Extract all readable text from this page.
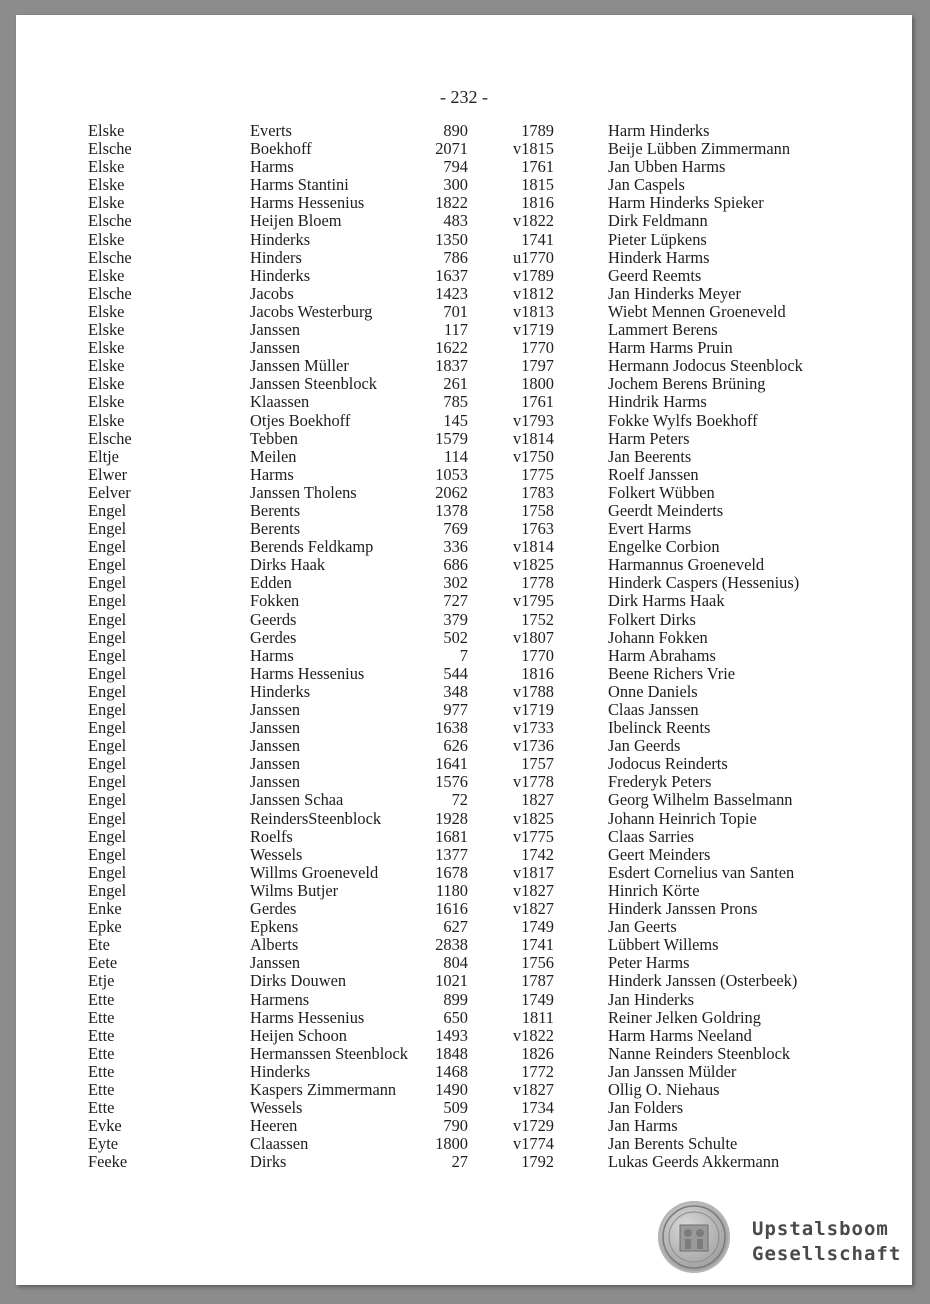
- 232 -
Elske	Everts	890	1789	Harm Hinderks
Elsche	Boekhoff	2071	v1815	Beije Lübben Zimmermann
Elske	Harms	794	1761	Jan Ubben Harms
Elske	Harms Stantini	300	1815	Jan Caspels
Elske	Harms Hessenius	1822	1816	Harm Hinderks Spieker
Elsche	Heijen Bloem	483	v1822	Dirk Feldmann
Elske	Hinderks	1350	1741	Pieter Lüpkens
Elsche	Hinders	786	u1770	Hinderk Harms
Elske	Hinderks	1637	v1789	Geerd Reemts
Elsche	Jacobs	1423	v1812	Jan Hinderks Meyer
Elske	Jacobs Westerburg	701	v1813	Wiebt Mennen Groeneveld
Elske	Janssen	117	v1719	Lammert Berens
Elske	Janssen	1622	1770	Harm Harms Pruin
Elske	Janssen Müller	1837	1797	Hermann Jodocus Steenblock
Elske	Janssen Steenblock	261	1800	Jochem Berens Brüning
Elske	Klaassen	785	1761	Hindrik Harms
Elske	Otjes Boekhoff	145	v1793	Fokke Wylfs Boekhoff
Elsche	Tebben	1579	v1814	Harm Peters
Eltje	Meilen	114	v1750	Jan Beerents
Elwer	Harms	1053	1775	Roelf Janssen
Eelver	Janssen Tholens	2062	1783	Folkert Wübben
Engel	Berents	1378	1758	Geerdt Meinderts
Engel	Berents	769	1763	Evert Harms
Engel	Berends Feldkamp	336	v1814	Engelke Corbion
Engel	Dirks Haak	686	v1825	Harmannus Groeneveld
Engel	Edden	302	1778	Hinderk Caspers (Hessenius)
Engel	Fokken	727	v1795	Dirk Harms Haak
Engel	Geerds	379	1752	Folkert Dirks
Engel	Gerdes	502	v1807	Johann Fokken
Engel	Harms	7	1770	Harm Abrahams
Engel	Harms Hessenius	544	1816	Beene Richers Vrie
Engel	Hinderks	348	v1788	Onne Daniels
Engel	Janssen	977	v1719	Claas Janssen
Engel	Janssen	1638	v1733	Ibelinck Reents
Engel	Janssen	626	v1736	Jan Geerds
Engel	Janssen	1641	1757	Jodocus Reinderts
Engel	Janssen	1576	v1778	Frederyk Peters
Engel	Janssen Schaa	72	1827	Georg Wilhelm Basselmann
Engel	ReindersSteenblock	1928	v1825	Johann Heinrich Topie
Engel	Roelfs	1681	v1775	Claas Sarries
Engel	Wessels	1377	1742	Geert Meinders
Engel	Willms Groeneveld	1678	v1817	Esdert Cornelius van Santen
Engel	Wilms Butjer	1180	v1827	Hinrich Körte
Enke	Gerdes	1616	v1827	Hinderk Janssen Prons
Epke	Epkens	627	1749	Jan Geerts
Ete	Alberts	2838	1741	Lübbert Willems
Eete	Janssen	804	1756	Peter Harms
Etje	Dirks Douwen	1021	1787	Hinderk Janssen (Osterbeek)
Ette	Harmens	899	1749	Jan Hinderks
Ette	Harms Hessenius	650	1811	Reiner Jelken Goldring
Ette	Heijen Schoon	1493	v1822	Harm Harms Neeland
Ette	Hermanssen Steenblock	1848	1826	Nanne Reinders Steenblock
Ette	Hinderks	1468	1772	Jan Janssen Mülder
Ette	Kaspers Zimmermann	1490	v1827	Ollig O. Niehaus
Ette	Wessels	509	1734	Jan Folders
Evke	Heeren	790	v1729	Jan Harms
Eyte	Claassen	1800	v1774	Jan Berents Schulte
Feeke	Dirks	27	1792	Lukas Geerds Akkermann
Upstalsboom
Gesellschaft
